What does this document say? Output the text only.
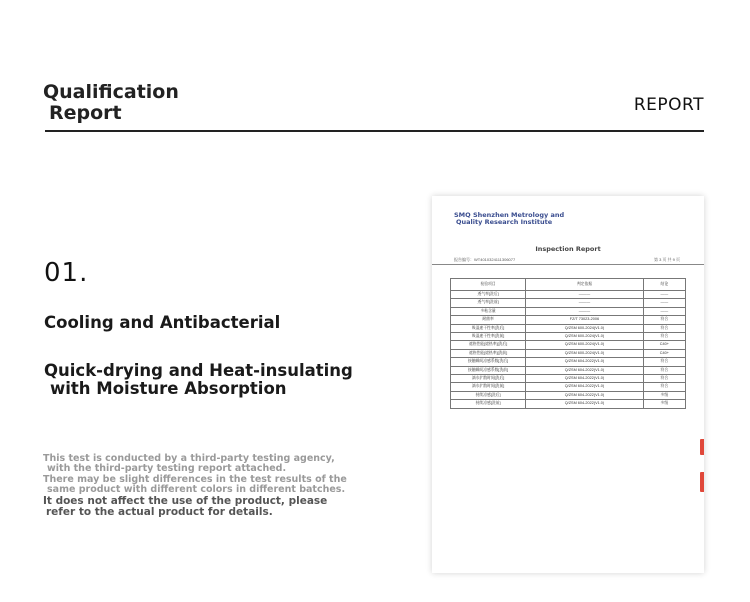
Qualification
Report	REPORT
01.
Cooling and Antibacterial
Quick-drying and Heat-insulating
with Moisture Absorption
This test is conducted by a third-party testing agency,
with the third-party testing report attached.
There may be slight differences in the test results of the
same product with different colors in different batches.
It does not affect the use of the product, please
refer to the actual product for details.
SMQ Shenzhen Metrology and
Quality Research Institute
Inspection Report
报告编号：WT4010324111306077	第 3 页 共 9 页
检验项目	判定依据	结论
透气率[洗后]	———	——
透气率[洗前]	———	——
多粘含量	———	——
耐菌率	FZ/T 73023-2006	符合
吸湿速干性率[洗后]	Q/ZSM 600-2024(V1.0)	符合
吸湿速干性率[洗前]	Q/ZSM 600-2024(V1.0)	符合
遮热性能[遮热率][洗后]	Q/ZSM 600-2024(V1.0)	C40+
遮热性能[遮热率][洗前]	Q/ZSM 600-2024(V1.0)	C40+
接触瞬间凉感系数[洗后]	Q/ZSM 604-2022(V1.0)	符合
接触瞬间凉感系数[洗前]	Q/ZSM 604-2022(V1.0)	符合
滴水扩散时间[洗后]	Q/ZSM 604-2022(V1.0)	符合
滴水扩散时间[洗前]	Q/ZSM 604-2022(V1.0)	符合
持续凉感[洗后]	Q/ZSM 604-2022(V1.0)	多级
持续凉感[洗前]	Q/ZSM 604-2022(V1.0)	多级
